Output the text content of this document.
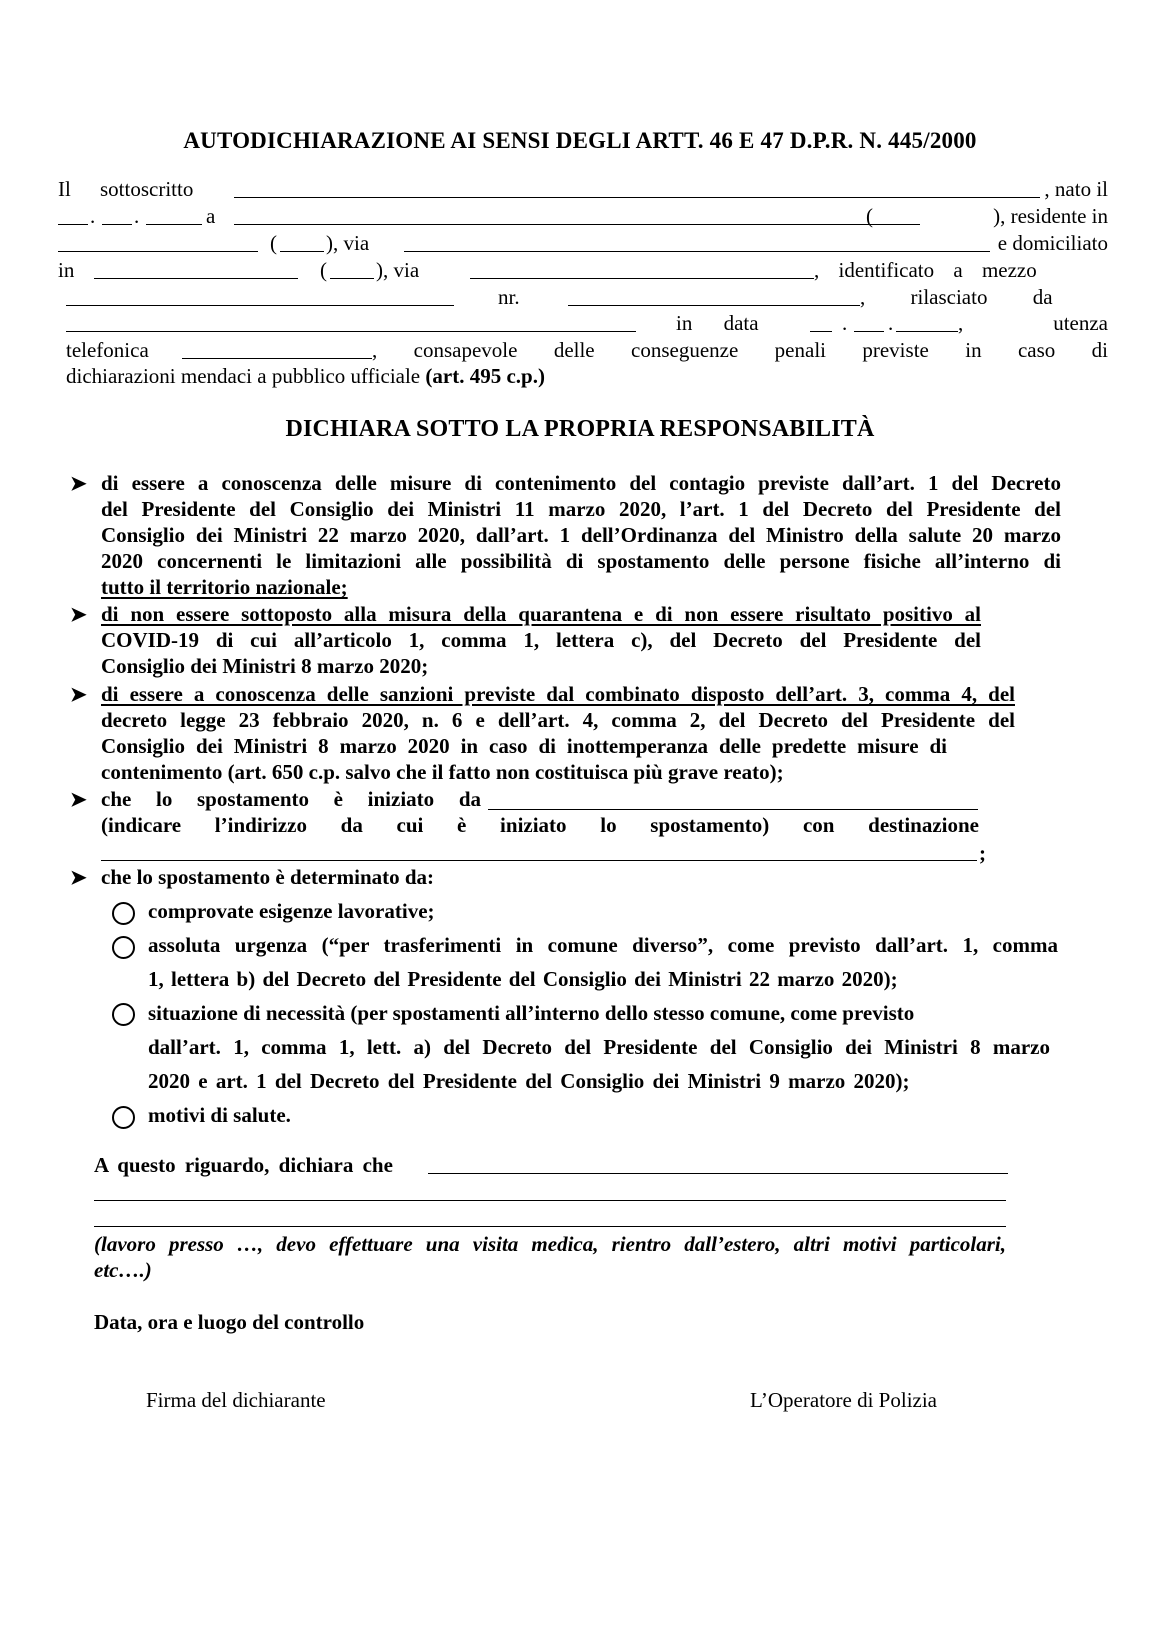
AUTODICHIARAZIONE AI SENSI DEGLI ARTT. 46 E 47 D.P.R. N. 445/2000
Il sottoscritto	, nato il
. .	a	(	), residente in
( ), via	e domiciliato
in	( ), via	, identificato a mezzo
nr.	, rilasciato da
in data	. .	, utenza
telefonica	, consapevole delle conseguenze penali previste in caso di
dichiarazioni mendaci a pubblico ufficiale (art. 495 c.p.)
DICHIARA SOTTO LA PROPRIA RESPONSABILITÀ
➤ di essere a conoscenza delle misure di contenimento del contagio previste dall’art. 1 del Decreto
del Presidente del Consiglio dei Ministri 11 marzo 2020, l’art. 1 del Decreto del Presidente del
Consiglio dei Ministri 22 marzo 2020, dall’art. 1 dell’Ordinanza del Ministro della salute 20 marzo
2020 concernenti le limitazioni alle possibilità di spostamento delle persone fisiche all’interno di
tutto il territorio nazionale;
➤ di non essere sottoposto alla misura della quarantena e di non essere risultato positivo al
COVID-19 di cui all’articolo 1, comma 1, lettera c), del Decreto del Presidente del
Consiglio dei Ministri 8 marzo 2020;
➤ di essere a conoscenza delle sanzioni previste dal combinato disposto dell’art. 3, comma 4, del
decreto legge 23 febbraio 2020, n. 6 e dell’art. 4, comma 2, del Decreto del Presidente del
Consiglio dei Ministri 8 marzo 2020 in caso di inottemperanza delle predette misure di
contenimento (art. 650 c.p. salvo che il fatto non costituisca più grave reato);
➤ che lo spostamento è iniziato da
(indicare l’indirizzo da cui è iniziato lo spostamento) con destinazione
;
➤ che lo spostamento è determinato da:
comprovate esigenze lavorative;
assoluta urgenza (“per trasferimenti in comune diverso”, come previsto dall’art. 1, comma
1, lettera b) del Decreto del Presidente del Consiglio dei Ministri 22 marzo 2020);
situazione di necessità (per spostamenti all’interno dello stesso comune, come previsto
dall’art. 1, comma 1, lett. a) del Decreto del Presidente del Consiglio dei Ministri 8 marzo
2020 e art. 1 del Decreto del Presidente del Consiglio dei Ministri 9 marzo 2020);
motivi di salute.
A questo riguardo, dichiara che
(lavoro presso …, devo effettuare una visita medica, rientro dall’estero, altri motivi particolari,
etc….)
Data, ora e luogo del controllo
Firma del dichiarante	L’Operatore di Polizia
